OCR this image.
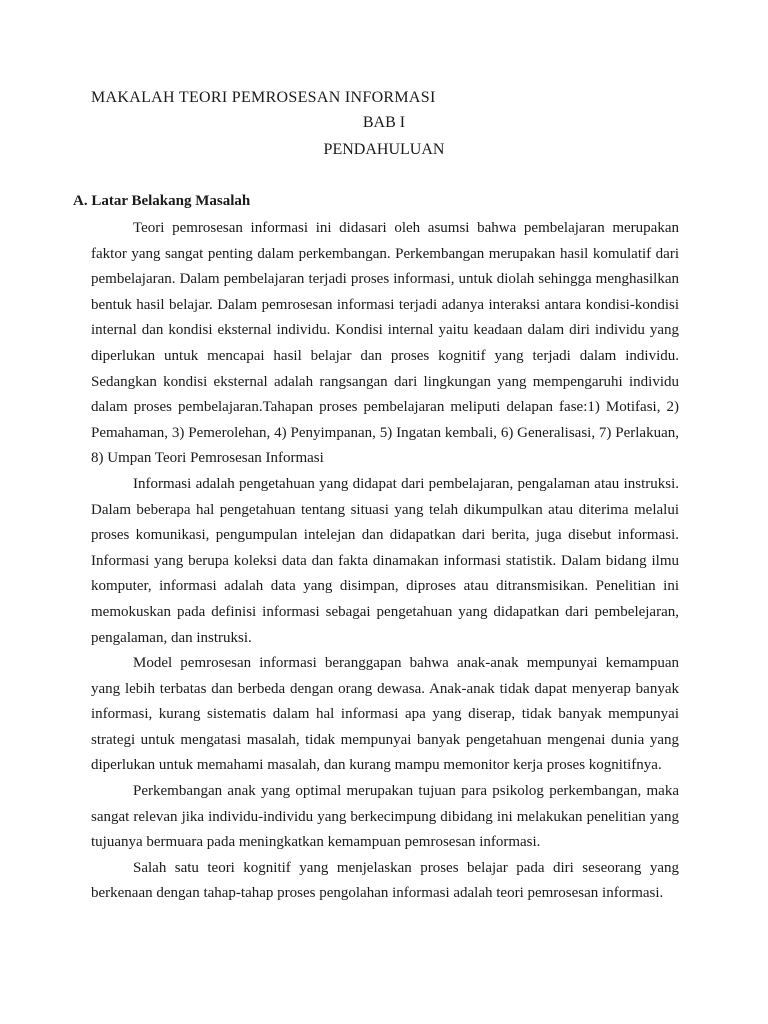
MAKALAH TEORI PEMROSESAN INFORMASI
BAB I
PENDAHULUAN
A. Latar Belakang Masalah

Teori pemrosesan informasi ini didasari oleh asumsi bahwa pembelajaran merupakan faktor yang sangat penting dalam perkembangan. Perkembangan merupakan hasil komulatif dari pembelajaran. Dalam pembelajaran terjadi proses informasi, untuk diolah sehingga menghasilkan bentuk hasil belajar. Dalam pemrosesan informasi terjadi adanya interaksi antara kondisi-kondisi internal dan kondisi eksternal individu. Kondisi internal yaitu keadaan dalam diri individu yang diperlukan untuk mencapai hasil belajar dan proses kognitif yang terjadi dalam individu. Sedangkan kondisi eksternal adalah rangsangan dari lingkungan yang mempengaruhi individu dalam proses pembelajaran.Tahapan proses pembelajaran meliputi delapan fase:1) Motifasi, 2) Pemahaman, 3) Pemerolehan, 4) Penyimpanan, 5) Ingatan kembali, 6) Generalisasi, 7) Perlakuan, 8) Umpan Teori Pemrosesan Informasi

Informasi adalah pengetahuan yang didapat dari pembelajaran, pengalaman atau instruksi. Dalam beberapa hal pengetahuan tentang situasi yang telah dikumpulkan atau diterima melalui proses komunikasi, pengumpulan intelejan dan didapatkan dari berita, juga disebut informasi. Informasi yang berupa koleksi data dan fakta dinamakan informasi statistik. Dalam bidang ilmu komputer, informasi adalah data yang disimpan, diproses atau ditransmisikan. Penelitian ini memokuskan pada definisi informasi sebagai pengetahuan yang didapatkan dari pembelejaran, pengalaman, dan instruksi.

Model pemrosesan informasi beranggapan bahwa anak-anak mempunyai kemampuan yang lebih terbatas dan berbeda dengan orang dewasa. Anak-anak tidak dapat menyerap banyak informasi, kurang sistematis dalam hal informasi apa yang diserap, tidak banyak mempunyai strategi untuk mengatasi masalah, tidak mempunyai banyak pengetahuan mengenai dunia yang diperlukan untuk memahami masalah, dan kurang mampu memonitor kerja proses kognitifnya.

Perkembangan anak yang optimal merupakan tujuan para psikolog perkembangan, maka sangat relevan jika individu-individu yang berkecimpung dibidang ini melakukan penelitian yang tujuanya bermuara pada meningkatkan kemampuan pemrosesan informasi.

Salah satu teori kognitif yang menjelaskan proses belajar pada diri seseorang yang berkenaan dengan tahap-tahap proses pengolahan informasi adalah teori pemrosesan informasi.
